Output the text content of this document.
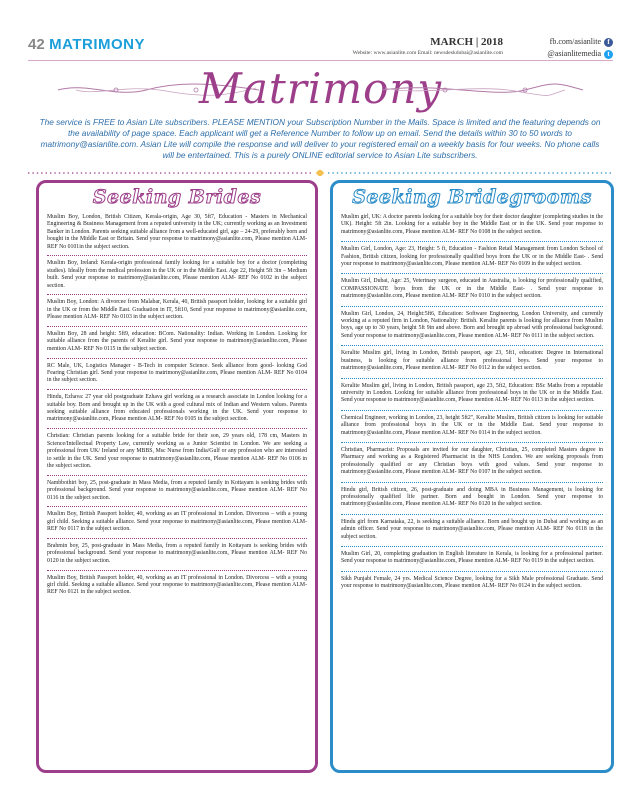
42 MATRIMONY	MARCH | 2018
Website: www.asianlite.com Email: newsdeskdubai@asianlite.com
fb.com/asianlite f
@asianlitemedia t
Matrimony
The service is FREE to Asian Lite subscribers. PLEASE MENTION your Subscription Number in the Mails. Space is limited and the featuring depends on the availability of page space. Each applicant will get a Reference Number to follow up on email. Send the details within 30 to 50 words to matrimony@asianlite.com. Asian Lite will compile the response and will deliver to your registered email on a weekly basis for four weeks. No phone calls will be entertained. This is a purely ONLINE editorial service to Asian Lite subscribers.
Seeking Brides
Muslim Boy, London, British Citizen, Kerala-origin, Age 30, 5ft7, Education - Masters in Mechanical Engineering & Business Management from a reputed university in the UK; currently working as an Investment Banker in London. Parents seeking suitable alliance from a well-educated girl, age – 24-29, preferably born and bought in the Middle East or Britain. Send your response to matrimony@asianlite.com, Please mention ALM- REF No 0101in the subject section.
Muslim Boy, Ireland: Kerala-origin professional family looking for a suitable boy for a doctor (completing studies). Ideally from the medical profession in the UK or in the Middle East. Age 22, Height 5ft 3in – Medium built. Send your response to matrimony@asianlite.com, Please mention ALM- REF No 0102 in the subject section.
Muslim Boy, London: A divorcee from Malabar, Kerala, 40, British passport holder, looking for a suitable girl in the UK or from the Middle East. Graduation in IT, 5ft10, Send your response to matrimony@asianlite.com, Please mention ALM- REF No 0103 in the subject section.
Muslim Boy, 28 and height: 5ft9, education: BCom. Nationality: Indian. Working in London. Looking for suitable alliance from the parents of Keralite girl. Send your response to matrimony@asianlite.com, Please mention ALM- REF No 0115 in the subject section.
RC Male, UK, Logistics Manager - B-Tech in computer Science. Seek alliance from good- looking God Fearing Christian girl. Send your response to matrimony@asianlite.com, Please mention ALM- REF No 0104 in the subject section.
Hindu, Ezhava: 27 year old postgraduate Ezhava girl working as a research associate in London looking for a suitable boy. Born and brought up in the UK with a good cultural mix of Indian and Western values. Parents seeking suitable alliance from educated professionals working in the UK. Send your response to matrimony@asianlite.com, Please mention ALM- REF No 0105 in the subject section.
Christian: Christian parents looking for a suitable bride for their son, 29 years old, 178 cm, Masters in Science/Intellectual Property Law, currently working as a Junior Scientist in London. We are seeking a professional from UK/ Ireland or any MBBS, Msc Nurse from India/Gulf or any profession who are interested to settle in the UK. Send your response to matrimony@asianlite.com, Please mention ALM- REF No 0106 in the subject section.
Nambbothiri boy, 25, post-graduate in Mass Media, from a reputed family in Kottayam is seeking brides with professional background. Send your response to matrimony@asianlite.com, Please mention ALM- REF No 0116 in the subject section.
Muslim Boy, British Passport holder, 40, working as an IT professional in London. Divorcess – with a young girl child. Seeking a suitable alliance. Send your response to matrimony@asianlite.com, Please mention ALM- REF No 0117 in the subject section.
Brahmin boy, 25, post-graduate in Mass Media, from a reputed family in Kottayam is seeking brides with professional background. Send your response to matrimony@asianlite.com, Please mention ALM- REF No 0120 in the subject section.
Muslim Boy, British Passport holder, 40, working as an IT professional in London. Divorcess – with a young girl child. Seeking a suitable alliance. Send your response to matrimony@asianlite.com, Please mention ALM- REF No 0121 in the subject section.
Seeking Bridegrooms
Muslim girl, UK: A doctor parents looking for a suitable boy for their doctor daughter (completing studies in the UK). Height: 5ft 2in. Looking for a suitable boy in the Middle East or in the UK. Send your response to matrimony@asianlite.com, Please mention ALM- REF No 0108 in the subject section.
Muslim Girl, London, Age: 23, Height: 5 ft, Education - Fashion Retail Management from London School of Fashion, British citizen, looking for professionally qualified boys from the UK or in the Middle East- . Send your response to matrimony@asianlite.com, Please mention ALM- REF No 0109 in the subject section.
Muslim Girl, Dubai, Age: 25, Veterinary surgeon, educated in Australia, is looking for professionally qualified, COMPASSIONATE boys from the UK or in the Middle East- . Send your response to matrimony@asianlite.com, Please mention ALM- REF No 0110 in the subject section.
Muslim Girl, London, 24, Height:5ft6, Education: Software Engineering, London University, and currently working at a reputed firm in London, Nationality: British. Keralite parents is looking for alliance from Muslim boys, age up to 30 years, height 5ft 9in and above. Born and brought up abroad with professional background. Send your response to matrimony@asianlite.com, Please mention ALM- REF No 0111 in the subject section.
Keralite Muslim girl, living in London, British passport, age 23, 5ft1, education: Degree in International business, is looking for suitable alliance from professional boys. Send your response to matrimony@asianlite.com, Please mention ALM- REF No 0112 in the subject section.
Keralite Muslim girl, living in London, British passport, age 23, 5ft2, Education: BSc Maths from a reputable university in London. Looking for suitable alliance from professional boys in the UK or in the Middle East. Send your response to matrimony@asianlite.com, Please mention ALM- REF No 0113 in the subject section.
Chemical Engineer, working in London, 23, height 5ft2", Keralite Muslim, British citizen is looking for suitable alliance from professional boys in the UK or in the Middle East. Send your response to matrimony@asianlite.com, Please mention ALM- REF No 0114 in the subject section.
Christian, Pharmacist: Proposals are invited for our daughter, Christian, 25, completed Masters degree in Pharmacy and working as a Registered Pharmacist in the NHS London. We are seeking proposals from professionally qualified or any Christian boys with good values. Send your response to matrimony@asianlite.com, Please mention ALM- REF No 0107 in the subject section.
Hindu girl, British citizen, 26, post-graduate and doing MBA in Business Management, is looking for professionally qualified life partner. Born and bought in London. Send your response to matrimony@asianlite.com, Please mention ALM- REF No 0120 in the subject section.
Hindu girl from Karnataka, 22, is seeking a suitable alliance. Born and bought up in Dubai and working as an admin officer. Send your response to matrimony@asianlite.com, Please mention ALM- REF No 0118 in the subject section.
Muslim Girl, 20, completing graduation in English literature in Kerala, is looking for a professional partner. Send your response to matrimony@asianlite.com, Please mention ALM- REF No 0119 in the subject section.
Sikh Punjabi Female, 24 yrs. Medical Science Degree, looking for a Sikh Male professional Graduate. Send your response to matrimony@asianlite.com, Please mention ALM- REF No 0124 in the subject section.
